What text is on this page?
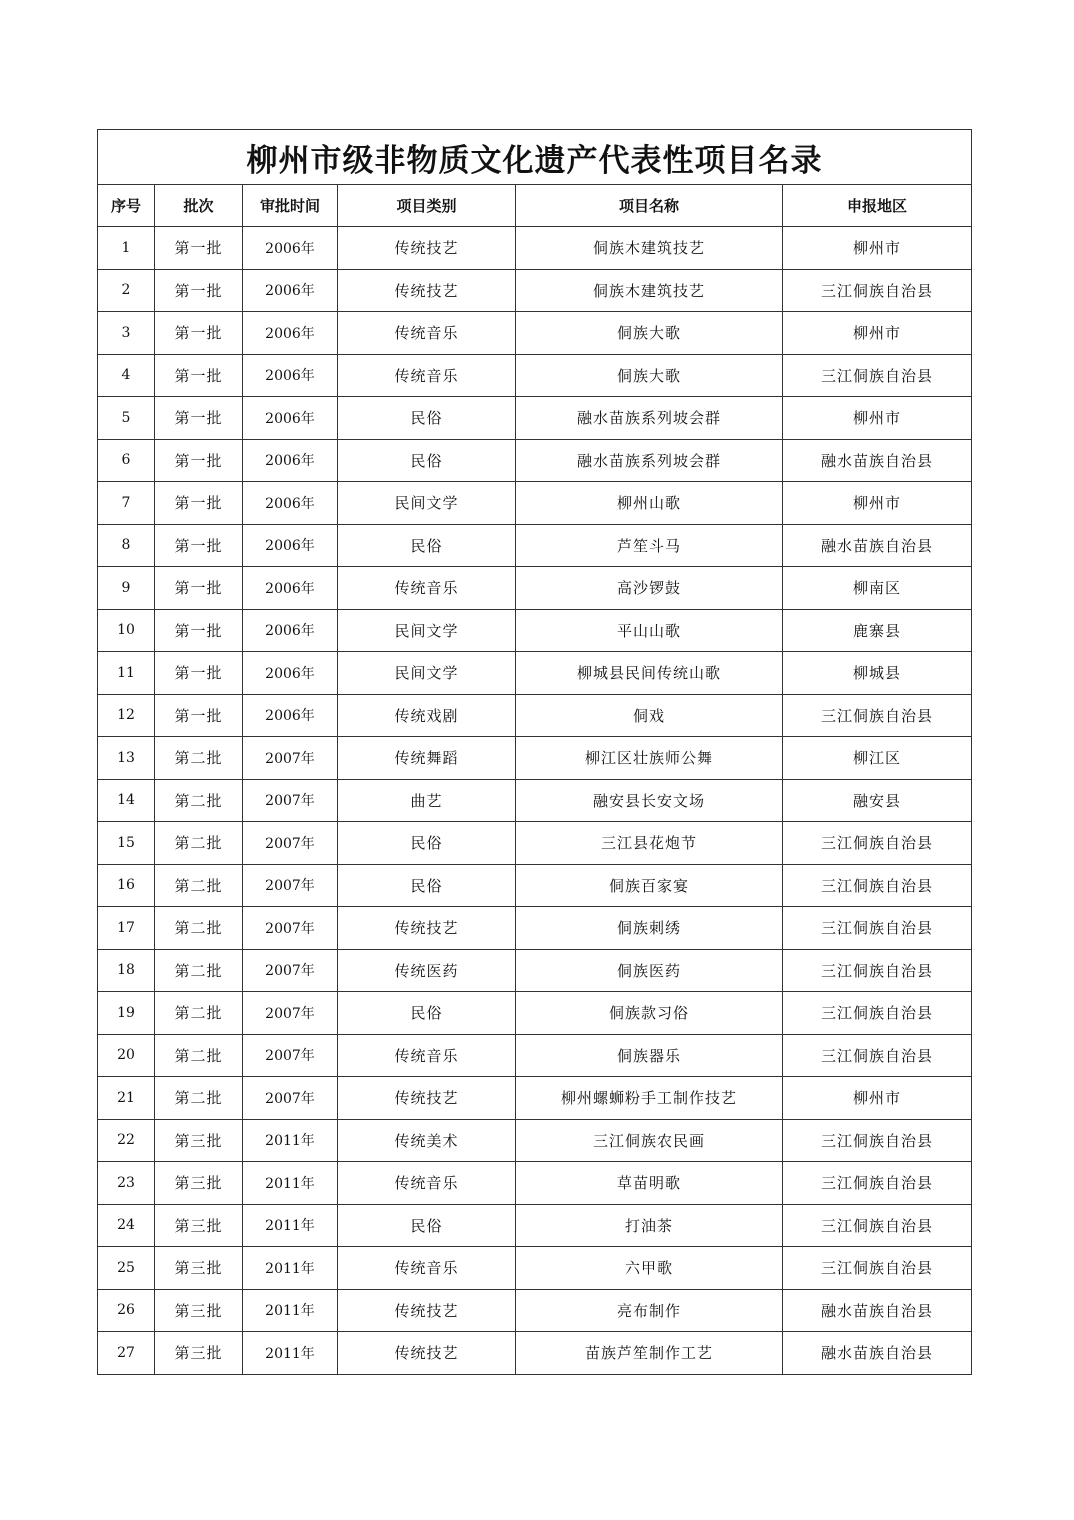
柳州市级非物质文化遗产代表性项目名录					
序号	批次	审批时间	项目类别	项目名称	申报地区
1	第一批	2006年	传统技艺	侗族木建筑技艺	柳州市
2	第一批	2006年	传统技艺	侗族木建筑技艺	三江侗族自治县
3	第一批	2006年	传统音乐	侗族大歌	柳州市
4	第一批	2006年	传统音乐	侗族大歌	三江侗族自治县
5	第一批	2006年	民俗	融水苗族系列坡会群	柳州市
6	第一批	2006年	民俗	融水苗族系列坡会群	融水苗族自治县
7	第一批	2006年	民间文学	柳州山歌	柳州市
8	第一批	2006年	民俗	芦笙斗马	融水苗族自治县
9	第一批	2006年	传统音乐	高沙锣鼓	柳南区
10	第一批	2006年	民间文学	平山山歌	鹿寨县
11	第一批	2006年	民间文学	柳城县民间传统山歌	柳城县
12	第一批	2006年	传统戏剧	侗戏	三江侗族自治县
13	第二批	2007年	传统舞蹈	柳江区壮族师公舞	柳江区
14	第二批	2007年	曲艺	融安县长安文场	融安县
15	第二批	2007年	民俗	三江县花炮节	三江侗族自治县
16	第二批	2007年	民俗	侗族百家宴	三江侗族自治县
17	第二批	2007年	传统技艺	侗族刺绣	三江侗族自治县
18	第二批	2007年	传统医药	侗族医药	三江侗族自治县
19	第二批	2007年	民俗	侗族款习俗	三江侗族自治县
20	第二批	2007年	传统音乐	侗族器乐	三江侗族自治县
21	第二批	2007年	传统技艺	柳州螺蛳粉手工制作技艺	柳州市
22	第三批	2011年	传统美术	三江侗族农民画	三江侗族自治县
23	第三批	2011年	传统音乐	草苗明歌	三江侗族自治县
24	第三批	2011年	民俗	打油茶	三江侗族自治县
25	第三批	2011年	传统音乐	六甲歌	三江侗族自治县
26	第三批	2011年	传统技艺	亮布制作	融水苗族自治县
27	第三批	2011年	传统技艺	苗族芦笙制作工艺	融水苗族自治县
